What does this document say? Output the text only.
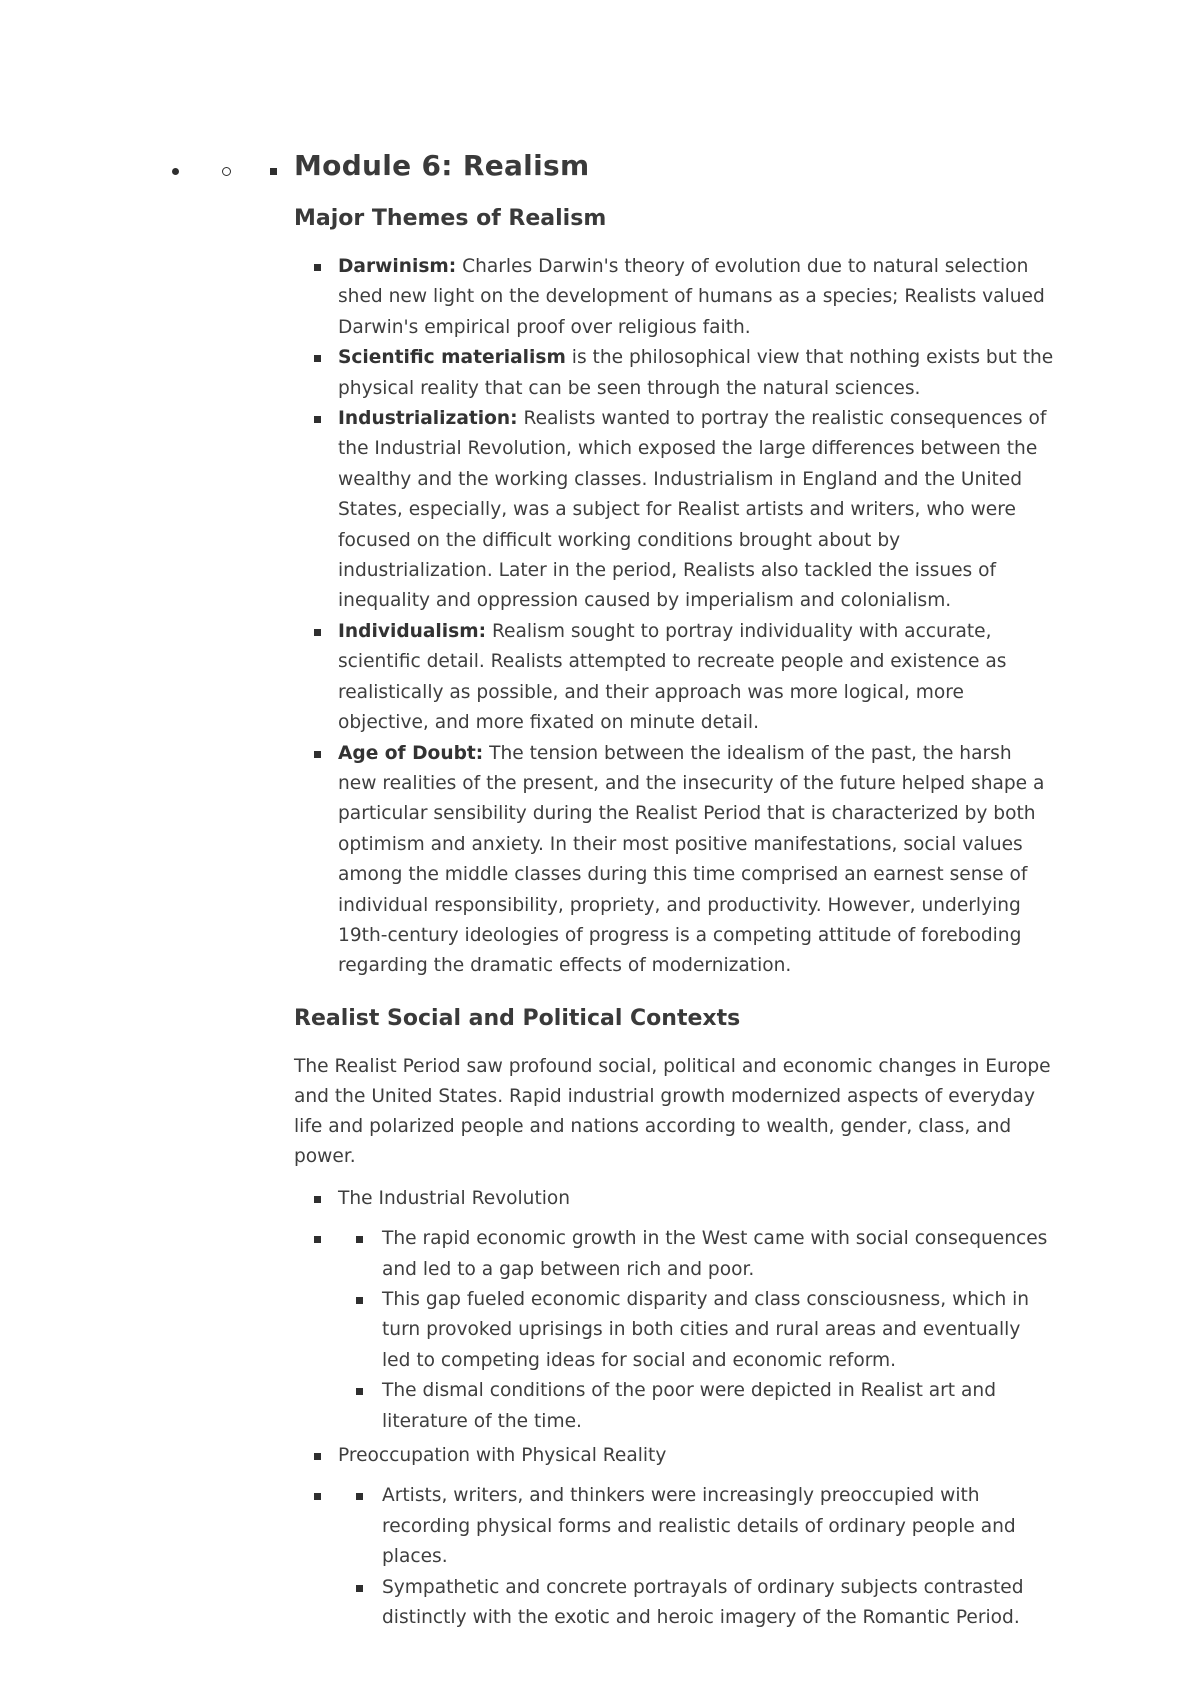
Module 6: Realism
Major Themes of Realism
Darwinism: Charles Darwin's theory of evolution due to natural selection shed new light on the development of humans as a species; Realists valued Darwin's empirical proof over religious faith.
Scientific materialism is the philosophical view that nothing exists but the physical reality that can be seen through the natural sciences.
Industrialization: Realists wanted to portray the realistic consequences of the Industrial Revolution, which exposed the large differences between the wealthy and the working classes. Industrialism in England and the United States, especially, was a subject for Realist artists and writers, who were focused on the difficult working conditions brought about by industrialization. Later in the period, Realists also tackled the issues of inequality and oppression caused by imperialism and colonialism.
Individualism: Realism sought to portray individuality with accurate, scientific detail. Realists attempted to recreate people and existence as realistically as possible, and their approach was more logical, more objective, and more fixated on minute detail.
Age of Doubt: The tension between the idealism of the past, the harsh new realities of the present, and the insecurity of the future helped shape a particular sensibility during the Realist Period that is characterized by both optimism and anxiety. In their most positive manifestations, social values among the middle classes during this time comprised an earnest sense of individual responsibility, propriety, and productivity. However, underlying 19th-century ideologies of progress is a competing attitude of foreboding regarding the dramatic effects of modernization.
Realist Social and Political Contexts

The Realist Period saw profound social, political and economic changes in Europe and the United States. Rapid industrial growth modernized aspects of everyday life and polarized people and nations according to wealth, gender, class, and power.

The Industrial Revolution
The rapid economic growth in the West came with social consequences and led to a gap between rich and poor.
This gap fueled economic disparity and class consciousness, which in turn provoked uprisings in both cities and rural areas and eventually led to competing ideas for social and economic reform.
The dismal conditions of the poor were depicted in Realist art and literature of the time.
Preoccupation with Physical Reality
Artists, writers, and thinkers were increasingly preoccupied with recording physical forms and realistic details of ordinary people and places.
Sympathetic and concrete portrayals of ordinary subjects contrasted distinctly with the exotic and heroic imagery of the Romantic Period.
